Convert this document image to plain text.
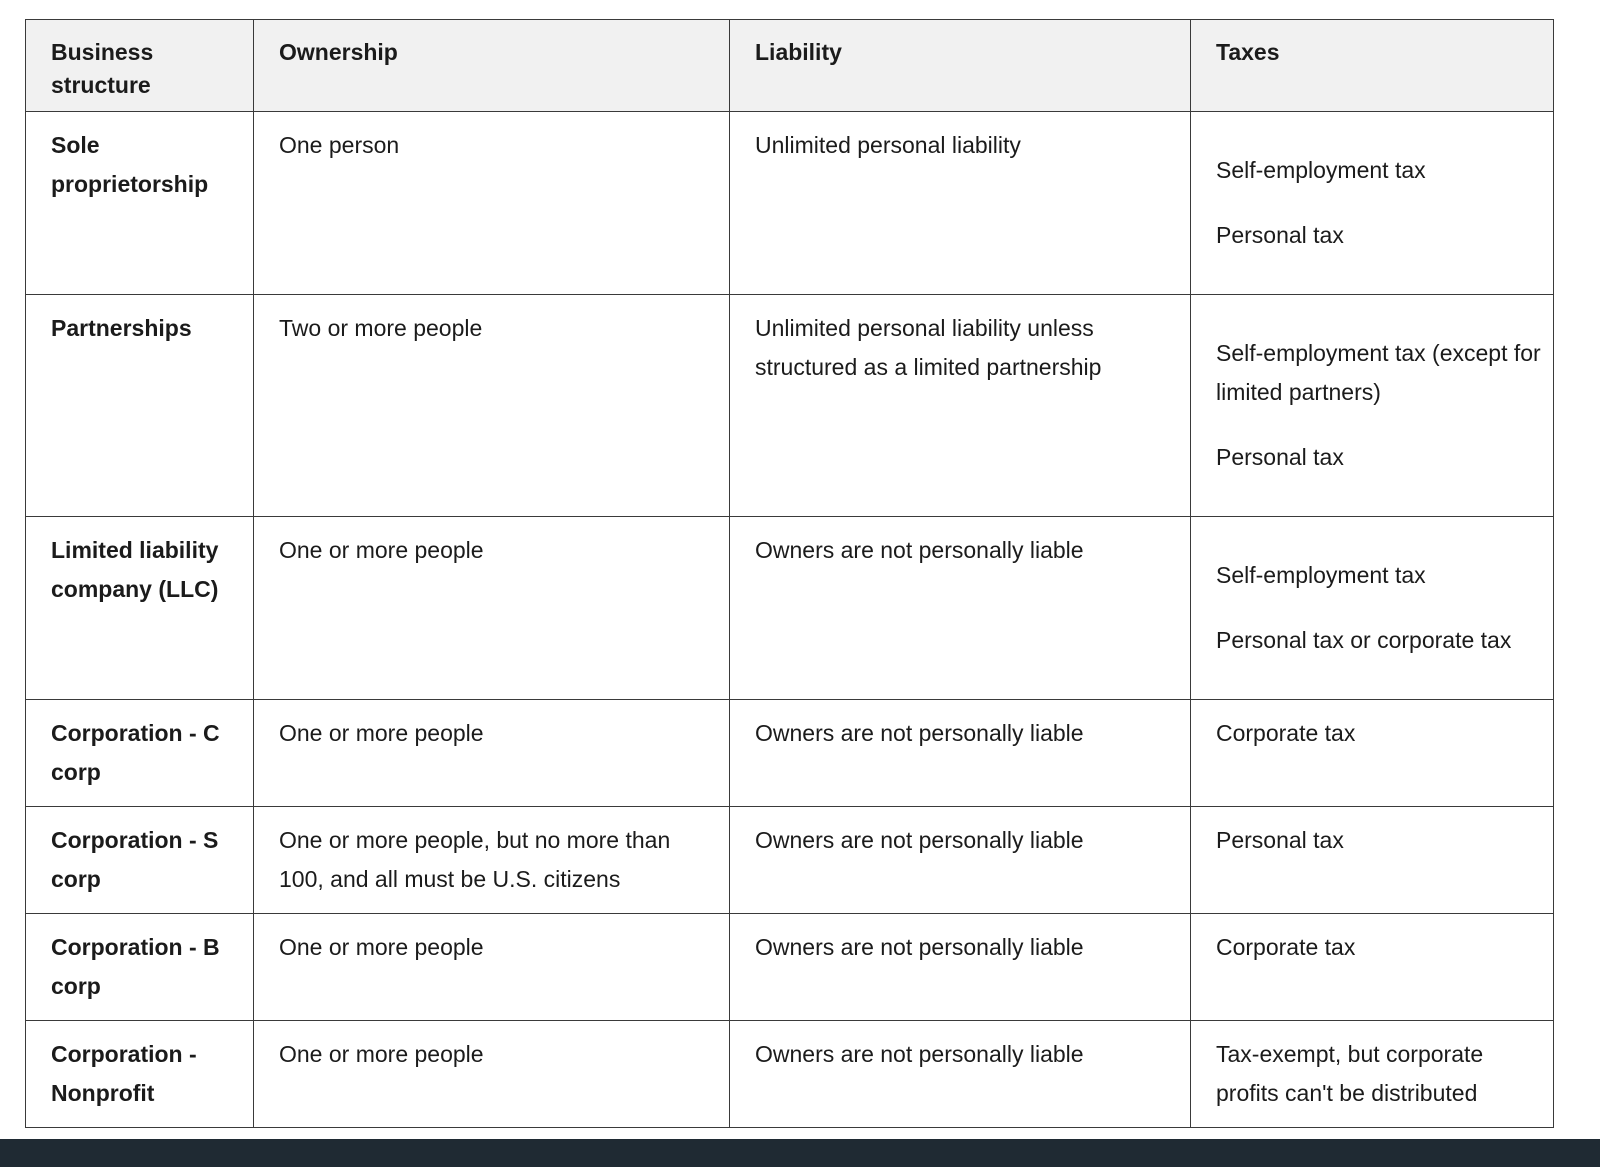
Business structure	Ownership	Liability	Taxes
Sole proprietorship	One person	Unlimited personal liability	Self-employment tax
Personal tax

Partnerships	Two or more people	Unlimited personal liability unless structured as a limited partnership	Self-employment tax (except for limited partners)
Personal tax

Limited liability company (LLC)	One or more people	Owners are not personally liable	Self-employment tax
Personal tax or corporate tax

Corporation - C corp	One or more people	Owners are not personally liable	Corporate tax

Corporation - S corp	One or more people, but no more than 100, and all must be U.S. citizens	Owners are not personally liable	Personal tax

Corporation - B corp	One or more people	Owners are not personally liable	Corporate tax

Corporation - Nonprofit	One or more people	Owners are not personally liable	Tax-exempt, but corporate profits can't be distributed
